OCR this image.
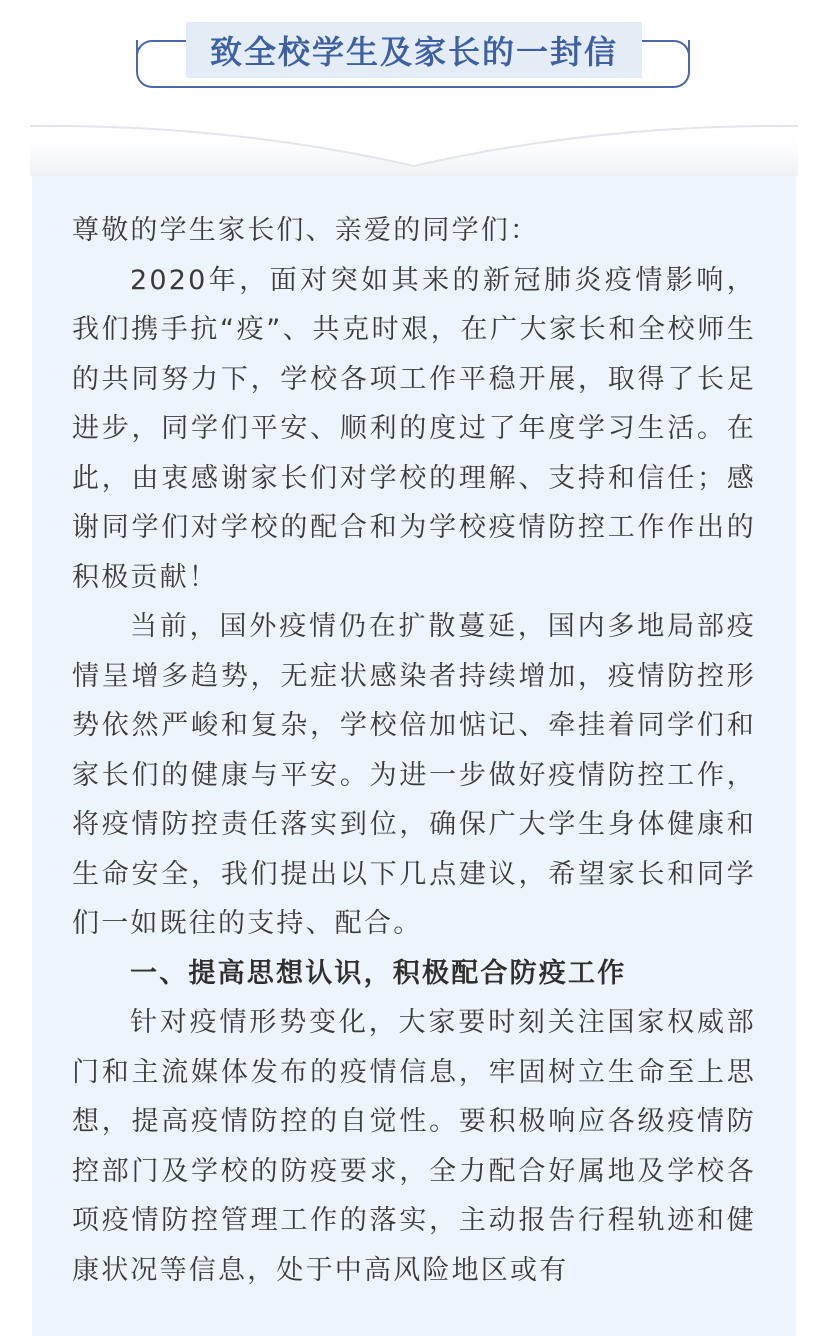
致全校学生及家长的一封信

尊敬的学生家长们、亲爱的同学们：

2020年，面对突如其来的新冠肺炎疫情影响，我们携手抗“疫”、共克时艰，在广大家长和全校师生的共同努力下，学校各项工作平稳开展，取得了长足进步，同学们平安、顺利的度过了年度学习生活。在此，由衷感谢家长们对学校的理解、支持和信任；感谢同学们对学校的配合和为学校疫情防控工作作出的积极贡献！

当前，国外疫情仍在扩散蔓延，国内多地局部疫情呈增多趋势，无症状感染者持续增加，疫情防控形势依然严峻和复杂，学校倍加惦记、牵挂着同学们和家长们的健康与平安。为进一步做好疫情防控工作，将疫情防控责任落实到位，确保广大学生身体健康和生命安全，我们提出以下几点建议，希望家长和同学们一如既往的支持、配合。

一、提高思想认识，积极配合防疫工作

针对疫情形势变化，大家要时刻关注国家权威部门和主流媒体发布的疫情信息，牢固树立生命至上思想，提高疫情防控的自觉性。要积极响应各级疫情防控部门及学校的防疫要求，全力配合好属地及学校各项疫情防控管理工作的落实，主动报告行程轨迹和健康状况等信息，处于中高风险地区或有
